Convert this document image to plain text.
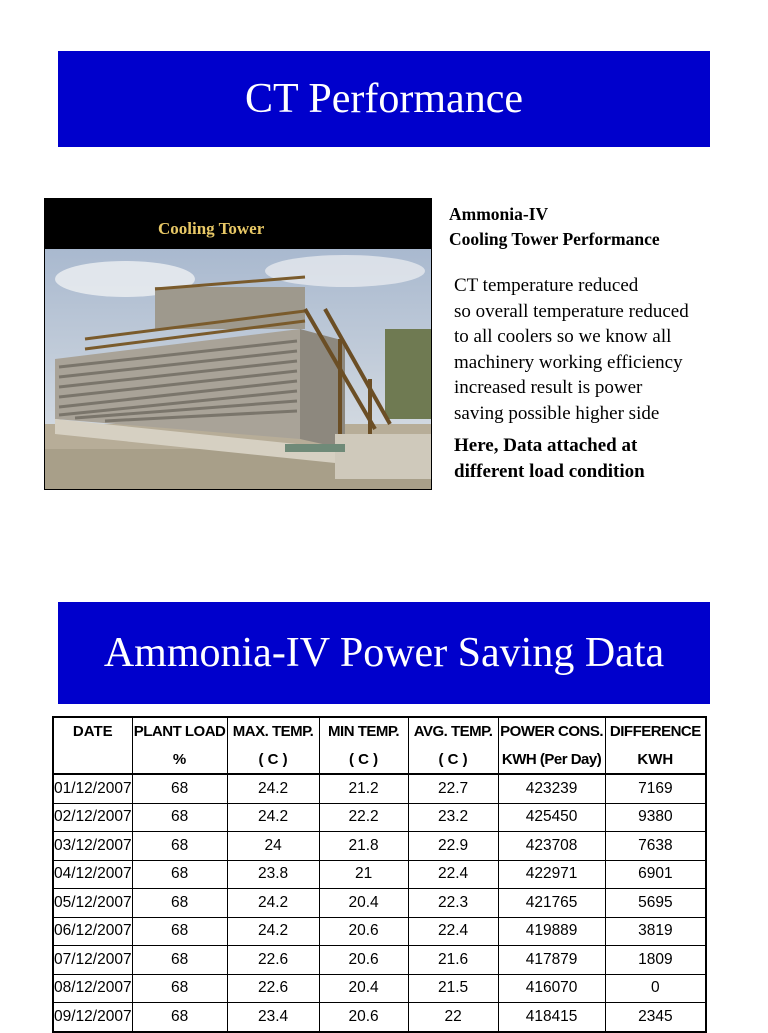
CT Performance
Cooling Tower
Ammonia-IV
Cooling Tower Performance
CT temperature reduced
so overall temperature reduced
to all coolers so we know all
machinery working efficiency
increased result is power
saving possible higher side
Here, Data attached at
different load condition
Ammonia-IV Power Saving Data
DATE	PLANT LOAD	MAX. TEMP.	MIN TEMP.	AVG. TEMP.	POWER CONS.	DIFFERENCE
	%	( C )	( C )	( C )	KWH (Per Day)	KWH
01/12/2007	68	24.2	21.2	22.7	423239	7169
02/12/2007	68	24.2	22.2	23.2	425450	9380
03/12/2007	68	24	21.8	22.9	423708	7638
04/12/2007	68	23.8	21	22.4	422971	6901
05/12/2007	68	24.2	20.4	22.3	421765	5695
06/12/2007	68	24.2	20.6	22.4	419889	3819
07/12/2007	68	22.6	20.6	21.6	417879	1809
08/12/2007	68	22.6	20.4	21.5	416070	0
09/12/2007	68	23.4	20.6	22	418415	2345
